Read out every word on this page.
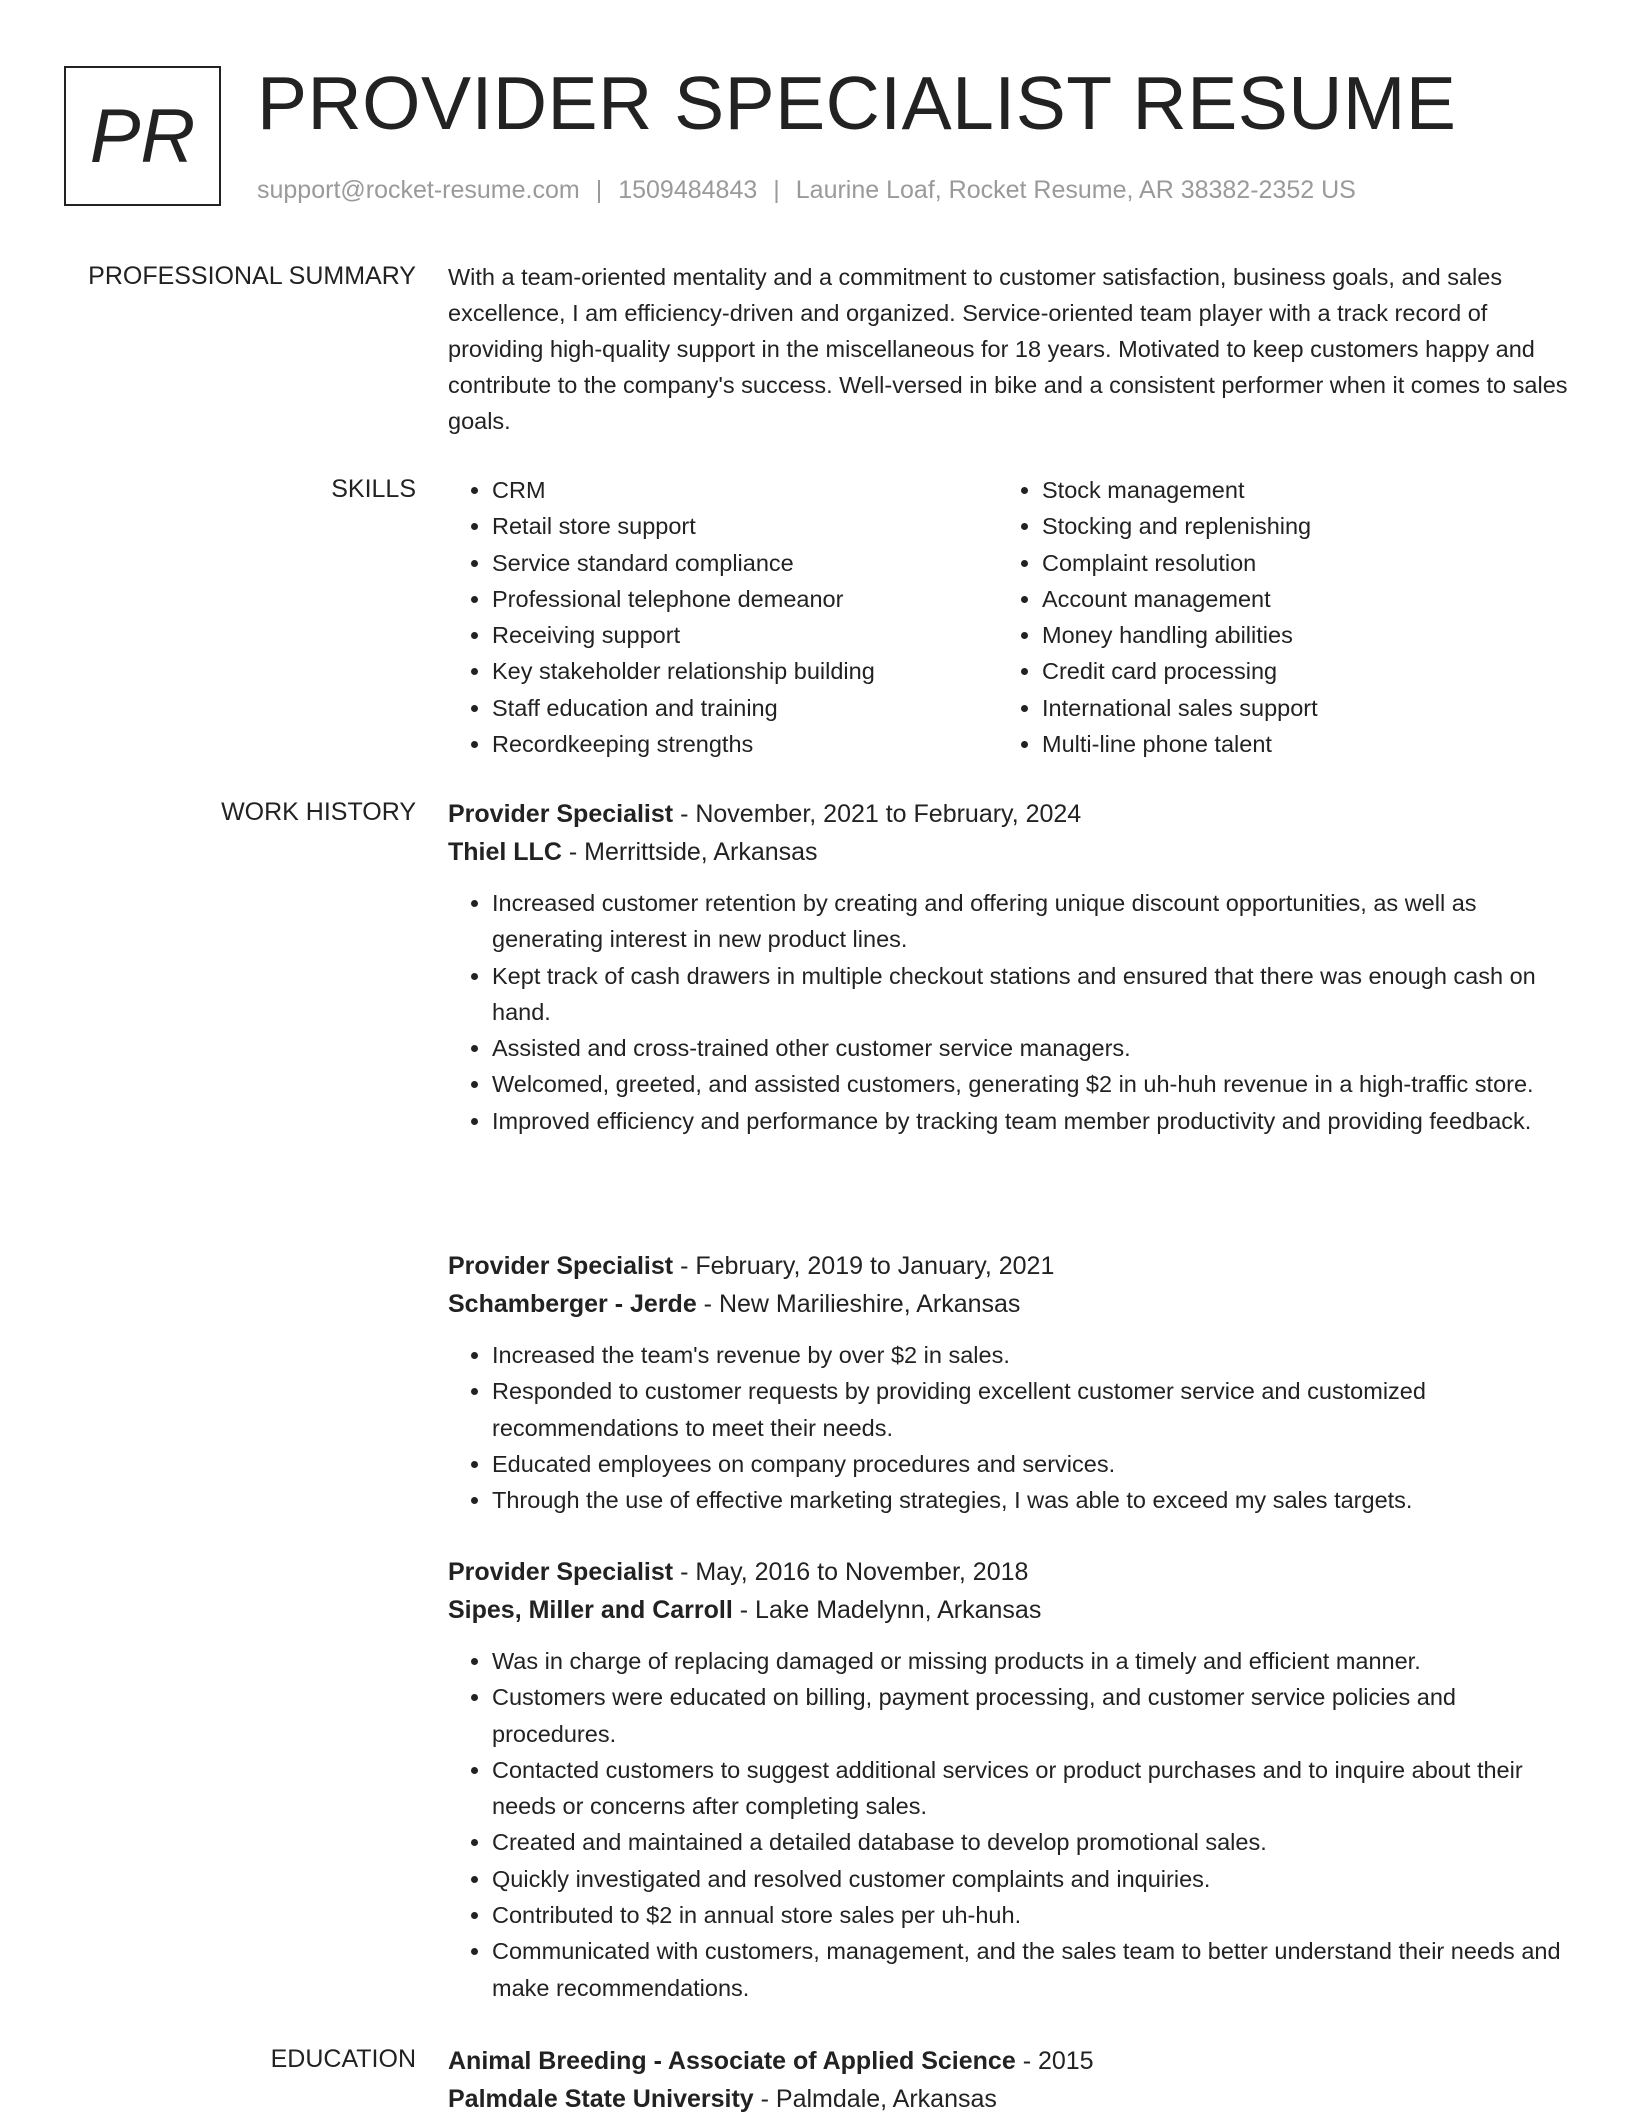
PR PROVIDER SPECIALIST RESUME
support@rocket-resume.com | 1509484843 | Laurine Loaf, Rocket Resume, AR 38382-2352 US
PROFESSIONAL SUMMARY With a team-oriented mentality and a commitment to customer satisfaction, business goals, and sales excellence, I am efficiency-driven and organized. Service-oriented team player with a track record of providing high-quality support in the miscellaneous for 18 years. Motivated to keep customers happy and contribute to the company's success. Well-versed in bike and a consistent performer when it comes to sales goals.

SKILLS
•	CRM
• Retail store support
• Service standard compliance
• Professional telephone demeanor
• Receiving support
• Key stakeholder relationship building
• Staff education and training
• Recordkeeping strengths
• Stock management
• Stocking and replenishing
• Complaint resolution
• Account management
• Money handling abilities
• Credit card processing
• International sales support
• Multi-line phone talent
WORK HISTORY Provider Specialist - November, 2021 to February, 2024
Thiel LLC - Merrittside, Arkansas
• Increased customer retention by creating and offering unique discount opportunities, as well as generating interest in new product lines.
• Kept track of cash drawers in multiple checkout stations and ensured that there was enough cash on hand.
• Assisted and cross-trained other customer service managers.
• Welcomed, greeted, and assisted customers, generating $2 in uh-huh revenue in a high-traffic store.
• Improved efficiency and performance by tracking team member productivity and providing feedback.
Provider Specialist - February, 2019 to January, 2021
Schamberger - Jerde - New Marilieshire, Arkansas
• Increased the team's revenue by over $2 in sales.
• Responded to customer requests by providing excellent customer service and customized recommendations to meet their needs.
• Educated employees on company procedures and services.
• Through the use of effective marketing strategies, I was able to exceed my sales targets.
Provider Specialist - May, 2016 to November, 2018
Sipes, Miller and Carroll - Lake Madelynn, Arkansas
• Was in charge of replacing damaged or missing products in a timely and efficient manner.
• Customers were educated on billing, payment processing, and customer service policies and procedures.
• Contacted customers to suggest additional services or product purchases and to inquire about their needs or concerns after completing sales.
• Created and maintained a detailed database to develop promotional sales.
• Quickly investigated and resolved customer complaints and inquiries.
• Contributed to $2 in annual store sales per uh-huh.
• Communicated with customers, management, and the sales team to better understand their needs and make recommendations.
EDUCATION Animal Breeding - Associate of Applied Science - 2015
Palmdale State University - Palmdale, Arkansas
